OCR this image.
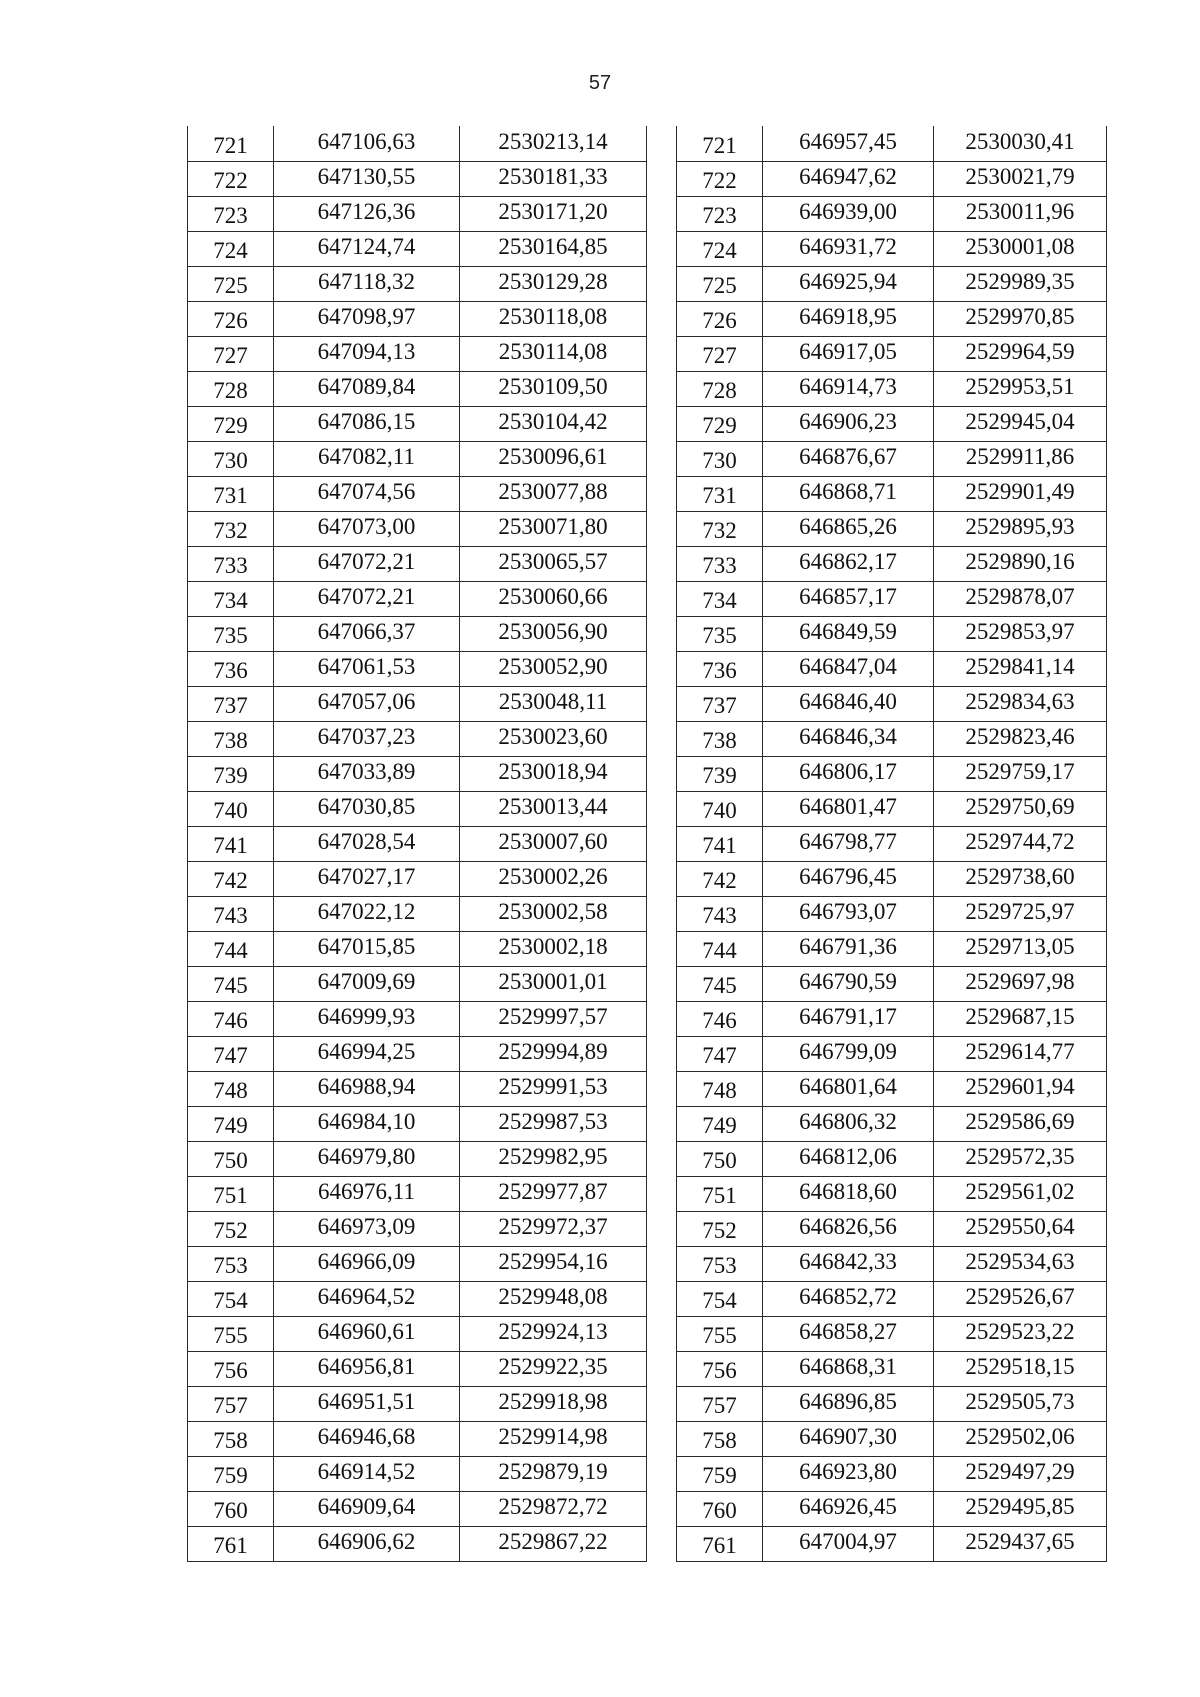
57
721	647106,63	2530213,14
722	647130,55	2530181,33
723	647126,36	2530171,20
724	647124,74	2530164,85
725	647118,32	2530129,28
726	647098,97	2530118,08
727	647094,13	2530114,08
728	647089,84	2530109,50
729	647086,15	2530104,42
730	647082,11	2530096,61
731	647074,56	2530077,88
732	647073,00	2530071,80
733	647072,21	2530065,57
734	647072,21	2530060,66
735	647066,37	2530056,90
736	647061,53	2530052,90
737	647057,06	2530048,11
738	647037,23	2530023,60
739	647033,89	2530018,94
740	647030,85	2530013,44
741	647028,54	2530007,60
742	647027,17	2530002,26
743	647022,12	2530002,58
744	647015,85	2530002,18
745	647009,69	2530001,01
746	646999,93	2529997,57
747	646994,25	2529994,89
748	646988,94	2529991,53
749	646984,10	2529987,53
750	646979,80	2529982,95
751	646976,11	2529977,87
752	646973,09	2529972,37
753	646966,09	2529954,16
754	646964,52	2529948,08
755	646960,61	2529924,13
756	646956,81	2529922,35
757	646951,51	2529918,98
758	646946,68	2529914,98
759	646914,52	2529879,19
760	646909,64	2529872,72
761	646906,62	2529867,22
721	646957,45	2530030,41
722	646947,62	2530021,79
723	646939,00	2530011,96
724	646931,72	2530001,08
725	646925,94	2529989,35
726	646918,95	2529970,85
727	646917,05	2529964,59
728	646914,73	2529953,51
729	646906,23	2529945,04
730	646876,67	2529911,86
731	646868,71	2529901,49
732	646865,26	2529895,93
733	646862,17	2529890,16
734	646857,17	2529878,07
735	646849,59	2529853,97
736	646847,04	2529841,14
737	646846,40	2529834,63
738	646846,34	2529823,46
739	646806,17	2529759,17
740	646801,47	2529750,69
741	646798,77	2529744,72
742	646796,45	2529738,60
743	646793,07	2529725,97
744	646791,36	2529713,05
745	646790,59	2529697,98
746	646791,17	2529687,15
747	646799,09	2529614,77
748	646801,64	2529601,94
749	646806,32	2529586,69
750	646812,06	2529572,35
751	646818,60	2529561,02
752	646826,56	2529550,64
753	646842,33	2529534,63
754	646852,72	2529526,67
755	646858,27	2529523,22
756	646868,31	2529518,15
757	646896,85	2529505,73
758	646907,30	2529502,06
759	646923,80	2529497,29
760	646926,45	2529495,85
761	647004,97	2529437,65
